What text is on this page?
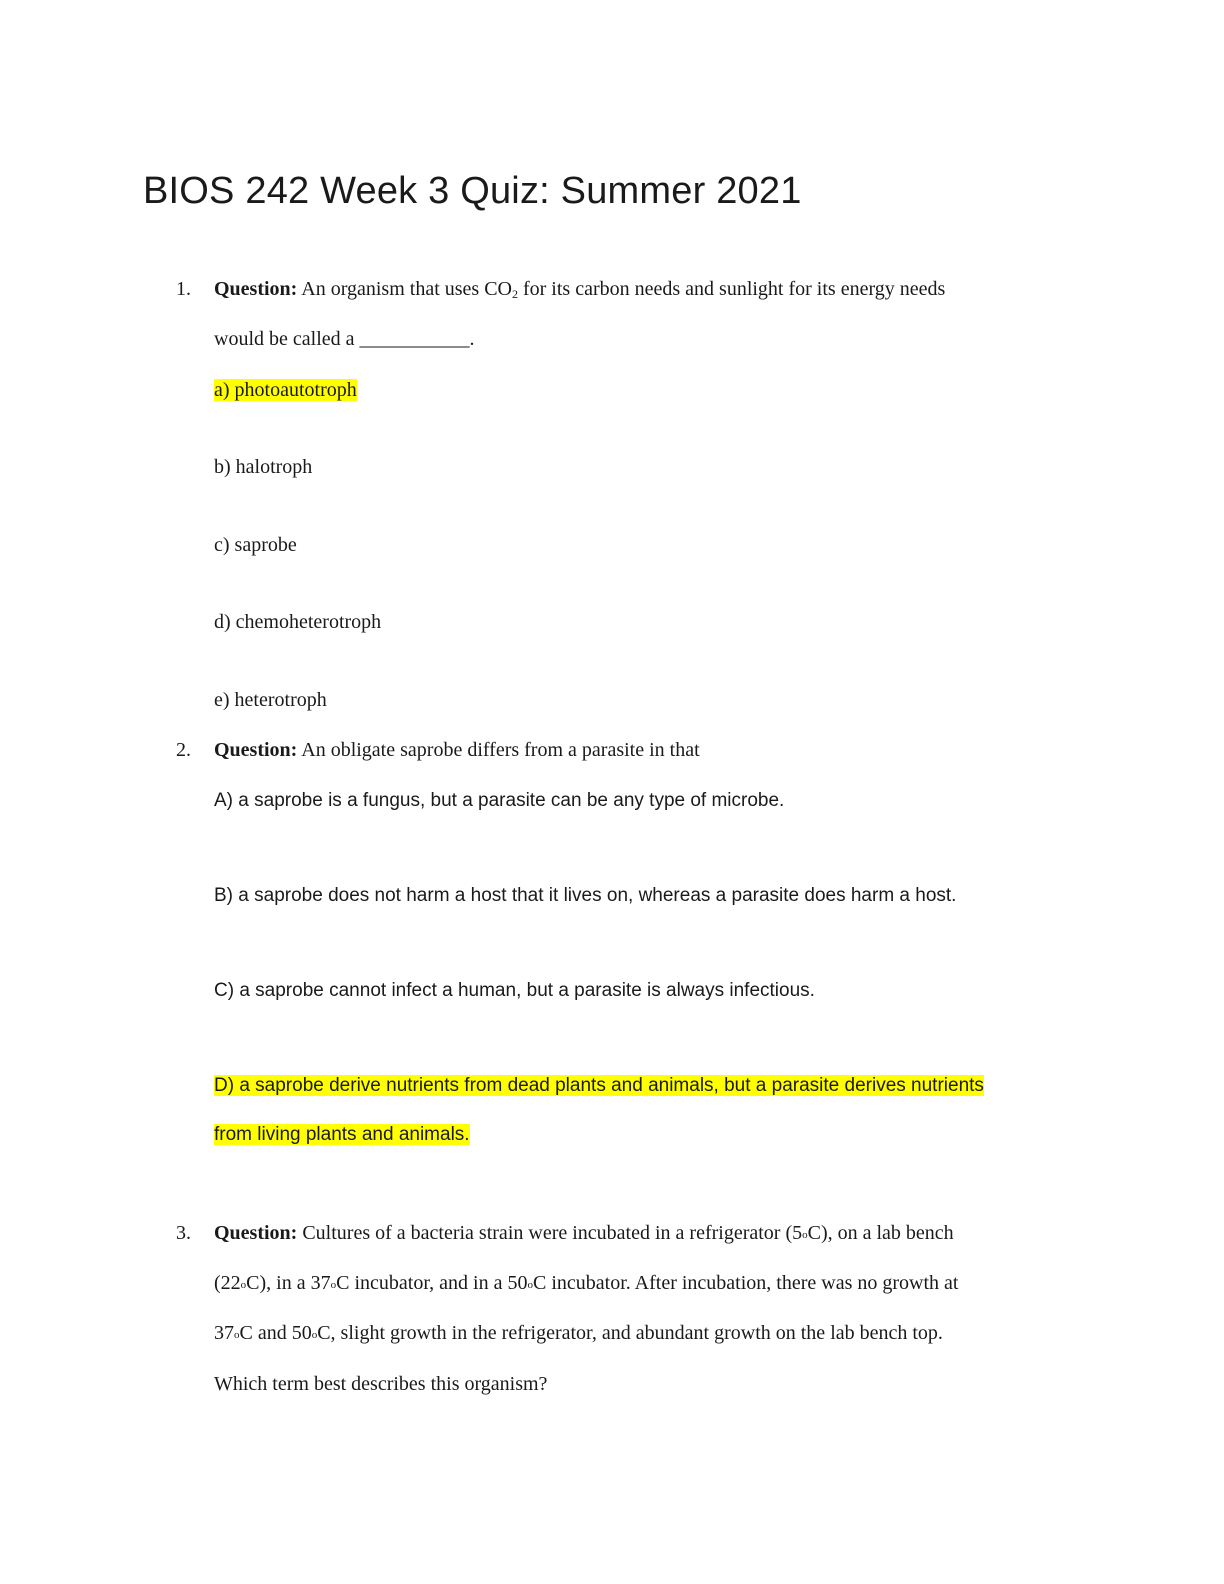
BIOS 242 Week 3 Quiz: Summer 2021
1. Question: An organism that uses $CO_2$ for its carbon needs and sunlight for its energy needs
would be called a ___________.
a) photoautotroph
b) halotroph
c) saprobe
d) chemoheterotroph
e) heterotroph
2. Question: An obligate saprobe differs from a parasite in that
A) a saprobe is a fungus, but a parasite can be any type of microbe.
B) a saprobe does not harm a host that it lives on, whereas a parasite does harm a host.
C) a saprobe cannot infect a human, but a parasite is always infectious.
D) a saprobe derive nutrients from dead plants and animals, but a parasite derives nutrients
from living plants and animals.
3. Question: Cultures of a bacteria strain were incubated in a refrigerator (5oC), on a lab bench
(22oC), in a 37oC incubator, and in a 50oC incubator. After incubation, there was no growth at
37oC and 50oC, slight growth in the refrigerator, and abundant growth on the lab bench top.
Which term best describes this organism?
